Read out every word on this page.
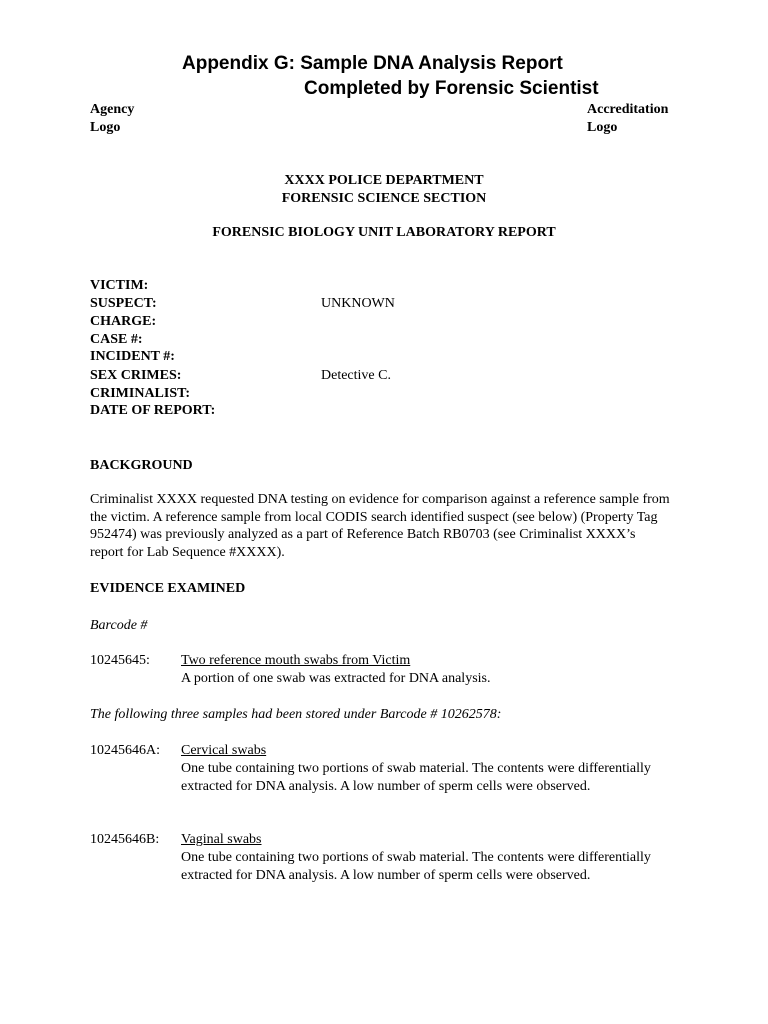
Appendix G: Sample DNA Analysis Report
Completed by Forensic Scientist
Agency
Logo
Accreditation
Logo
XXXX POLICE DEPARTMENT
FORENSIC SCIENCE SECTION
FORENSIC BIOLOGY UNIT LABORATORY REPORT
VICTIM:
SUSPECT:	UNKNOWN
CHARGE:
CASE #:
INCIDENT #:
SEX CRIMES:	Detective C.
CRIMINALIST:
DATE OF REPORT:
BACKGROUND
Criminalist XXXX requested DNA testing on evidence for comparison against a reference sample from the victim. A reference sample from local CODIS search identified suspect (see below) (Property Tag 952474) was previously analyzed as a part of Reference Batch RB0703 (see Criminalist XXXX’s report for Lab Sequence #XXXX).
EVIDENCE EXAMINED
Barcode #
10245645: Two reference mouth swabs from Victim
A portion of one swab was extracted for DNA analysis.
The following three samples had been stored under Barcode # 10262578:
10245646A: Cervical swabs
One tube containing two portions of swab material. The contents were differentially extracted for DNA analysis. A low number of sperm cells were observed.
10245646B: Vaginal swabs
One tube containing two portions of swab material. The contents were differentially extracted for DNA analysis. A low number of sperm cells were observed.
